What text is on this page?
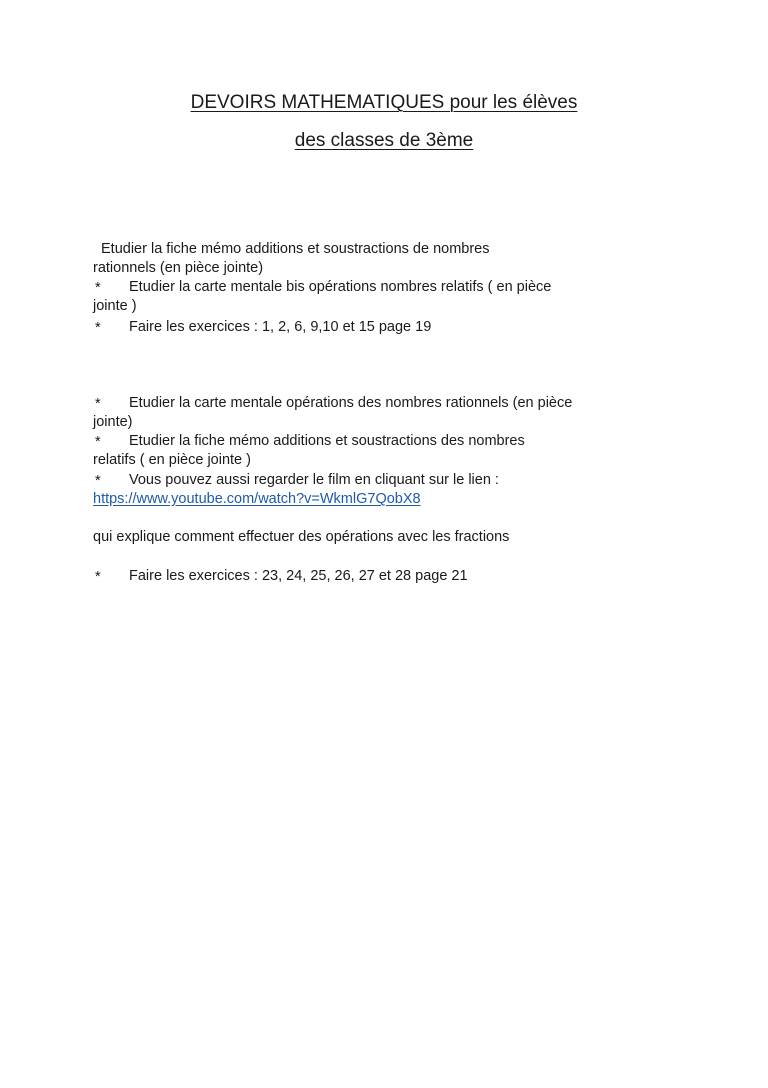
DEVOIRS MATHEMATIQUES pour les élèves
des classes de 3ème
Etudier la fiche mémo additions et soustractions de nombres
rationnels (en pièce jointe)
* Etudier la carte mentale bis opérations nombres relatifs ( en pièce
jointe )
* Faire les exercices : 1, 2, 6, 9,10 et 15 page 19
* Etudier la carte mentale opérations des nombres rationnels (en pièce
jointe)
* Etudier la fiche mémo additions et soustractions des nombres
relatifs ( en pièce jointe )
* Vous pouvez aussi regarder le film en cliquant sur le lien :
https://www.youtube.com/watch?v=WkmlG7QobX8
qui explique comment effectuer des opérations avec les fractions
* Faire les exercices : 23, 24, 25, 26, 27 et 28 page 21
